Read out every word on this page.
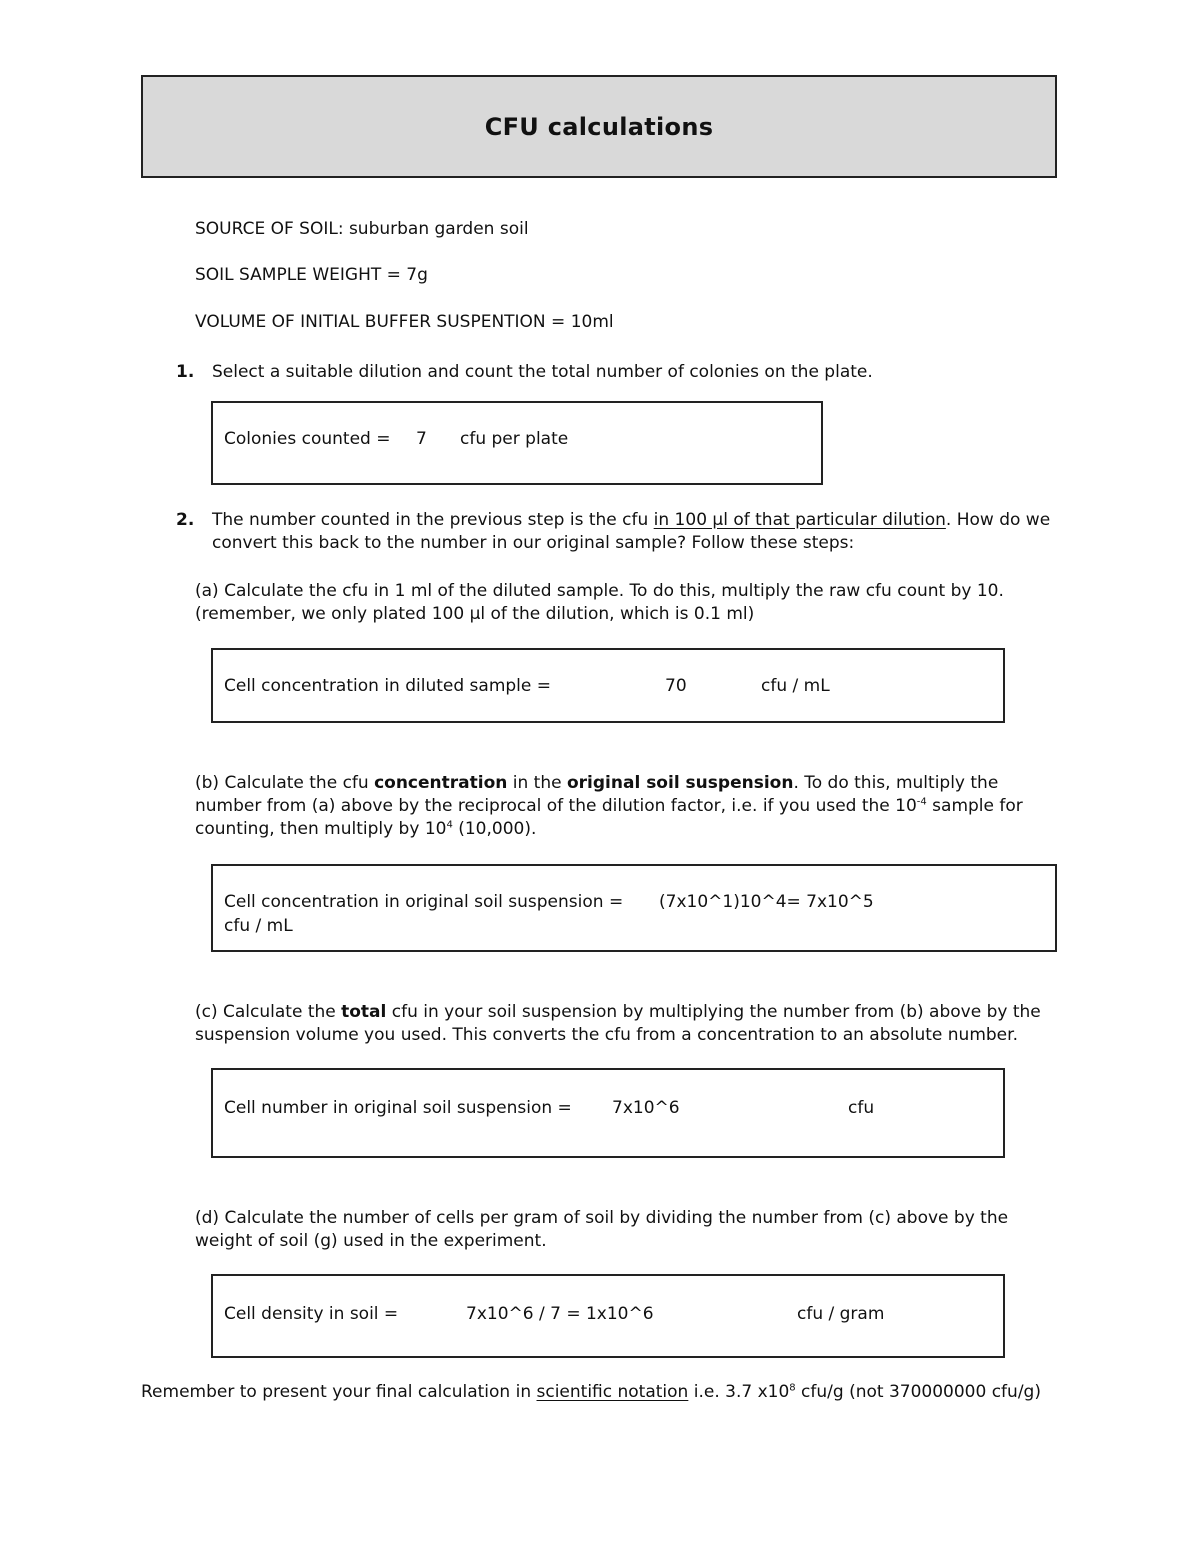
CFU calculations
SOURCE OF SOIL: suburban garden soil
SOIL SAMPLE WEIGHT = 7g
VOLUME OF INITIAL BUFFER SUSPENTION = 10ml
1. Select a suitable dilution and count the total number of colonies on the plate.
Colonies counted = 7 cfu per plate
2. The number counted in the previous step is the cfu in 100 µl of that particular dilution. How do we convert this back to the number in our original sample? Follow these steps:
(a) Calculate the cfu in 1 ml of the diluted sample. To do this, multiply the raw cfu count by 10. (remember, we only plated 100 µl of the dilution, which is 0.1 ml)
Cell concentration in diluted sample =	70	cfu / mL
(b) Calculate the cfu concentration in the original soil suspension. To do this, multiply the number from (a) above by the reciprocal of the dilution factor, i.e. if you used the $10^{-4}$ sample for counting, then multiply by $10^4$ (10,000).
Cell concentration in original soil suspension = (7x10^1)10^4= 7x10^5
cfu / mL
(c) Calculate the total cfu in your soil suspension by multiplying the number from (b) above by the suspension volume you used. This converts the cfu from a concentration to an absolute number.
Cell number in original soil suspension = 7x10^6	cfu
(d) Calculate the number of cells per gram of soil by dividing the number from (c) above by the weight of soil (g) used in the experiment.
Cell density in soil =	7x10^6 / 7 = 1x10^6	cfu / gram
Remember to present your final calculation in scientific notation i.e. 3.7 $x10^8$ cfu/g (not 370000000 cfu/g)
